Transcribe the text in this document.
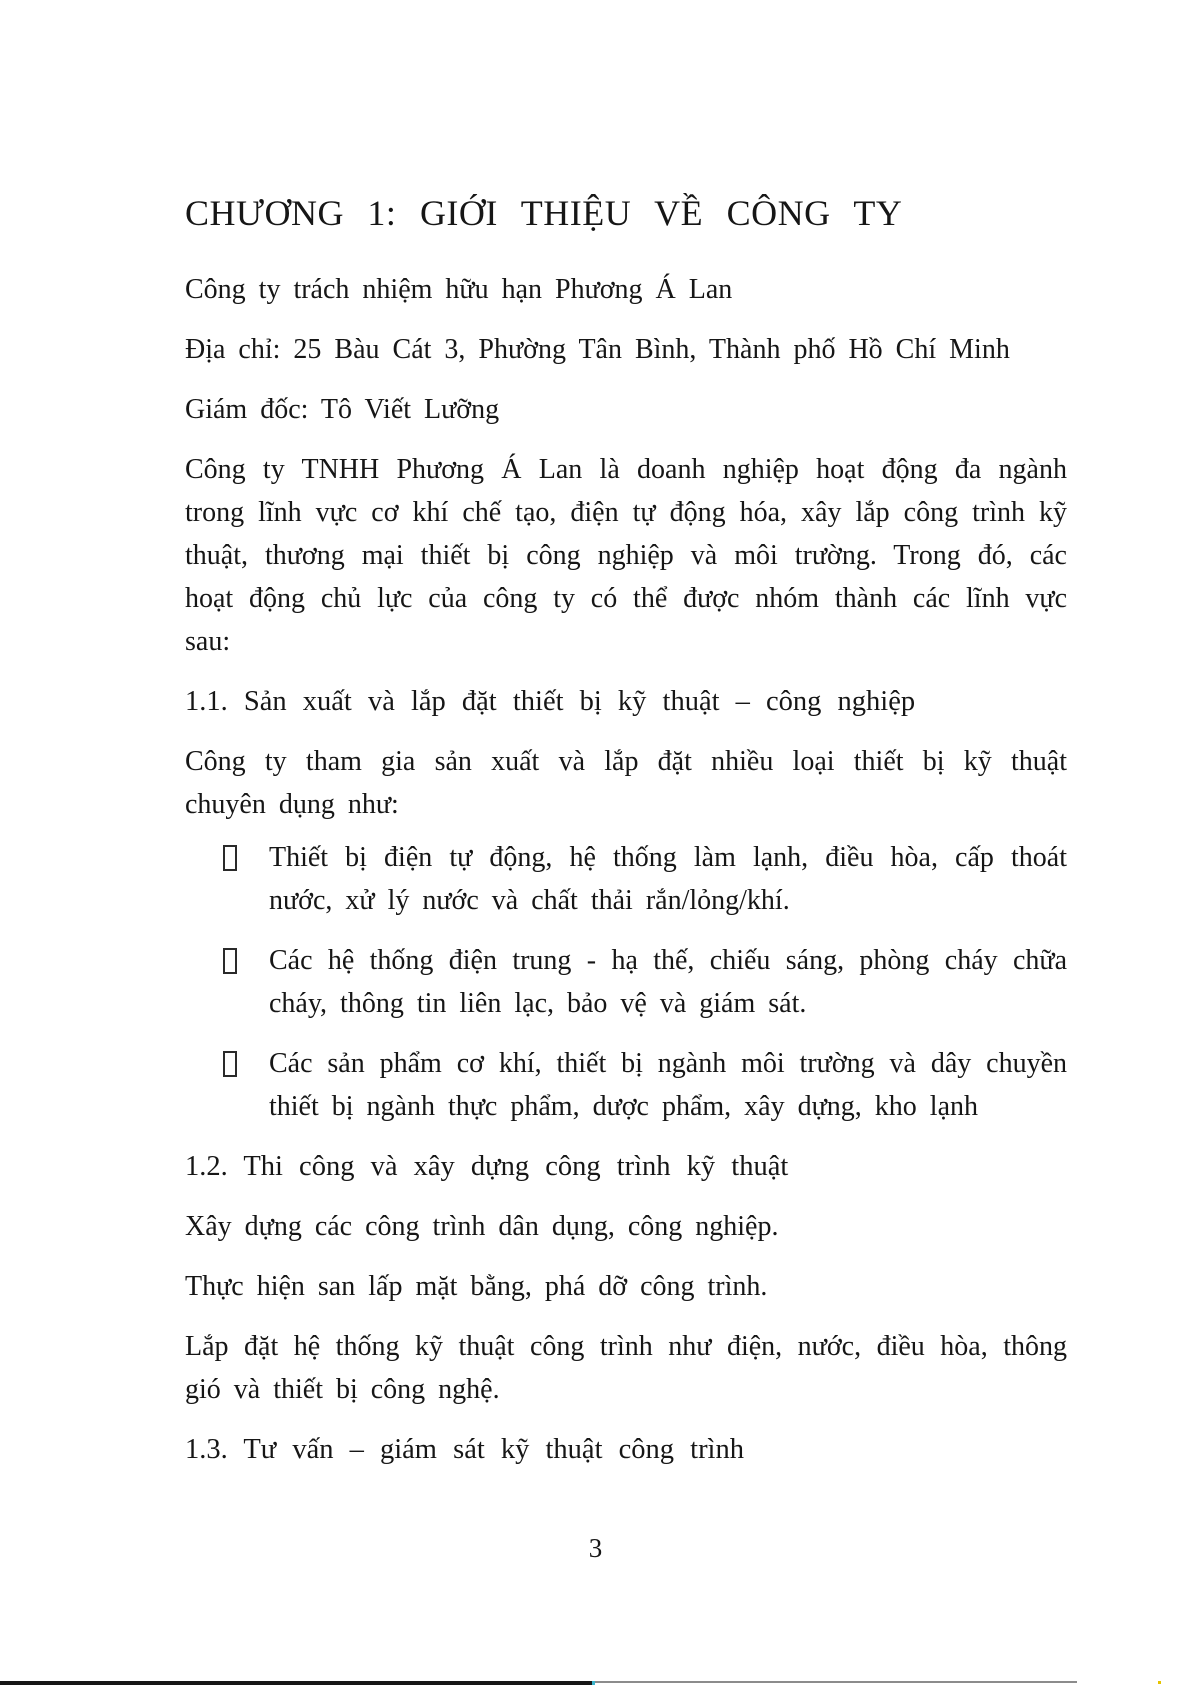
CHƯƠNG 1: GIỚI THIỆU VỀ CÔNG TY

Công ty trách nhiệm hữu hạn Phương Á Lan

Địa chỉ: 25 Bàu Cát 3, Phường Tân Bình, Thành phố Hồ Chí Minh

Giám đốc: Tô Viết Lưỡng

Công ty TNHH Phương Á Lan là doanh nghiệp hoạt động đa ngành trong lĩnh vực cơ khí chế tạo, điện tự động hóa, xây lắp công trình kỹ thuật, thương mại thiết bị công nghiệp và môi trường. Trong đó, các hoạt động chủ lực của công ty có thể được nhóm thành các lĩnh vực sau:

1.1. Sản xuất và lắp đặt thiết bị kỹ thuật – công nghiệp

Công ty tham gia sản xuất và lắp đặt nhiều loại thiết bị kỹ thuật chuyên dụng như:

Thiết bị điện tự động, hệ thống làm lạnh, điều hòa, cấp thoát nước, xử lý nước và chất thải rắn/lỏng/khí.
Các hệ thống điện trung - hạ thế, chiếu sáng, phòng cháy chữa cháy, thông tin liên lạc, bảo vệ và giám sát.
Các sản phẩm cơ khí, thiết bị ngành môi trường và dây chuyền thiết bị ngành thực phẩm, dược phẩm, xây dựng, kho lạnh
1.2. Thi công và xây dựng công trình kỹ thuật

Xây dựng các công trình dân dụng, công nghiệp.

Thực hiện san lấp mặt bằng, phá dỡ công trình.

Lắp đặt hệ thống kỹ thuật công trình như điện, nước, điều hòa, thông gió và thiết bị công nghệ.

1.3. Tư vấn – giám sát kỹ thuật công trình
3
